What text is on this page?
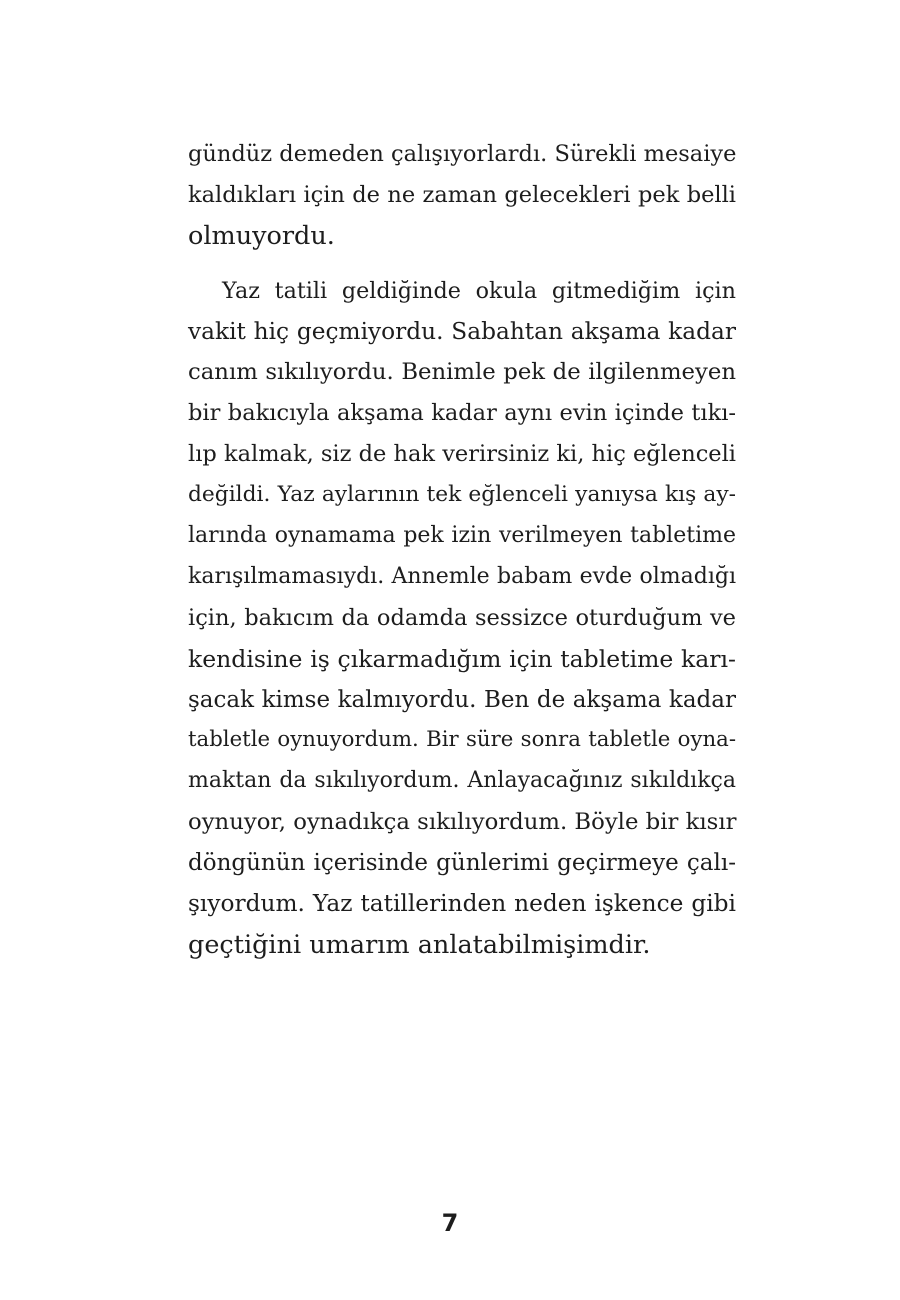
gündüz demeden çalışıyorlardı. Sürekli mesaiye
kaldıkları için de ne zaman gelecekleri pek belli
olmuyordu.
Yaz tatili geldiğinde okula gitmediğim için
vakit hiç geçmiyordu. Sabahtan akşama kadar
canım sıkılıyordu. Benimle pek de ilgilenmeyen
bir bakıcıyla akşama kadar aynı evin içinde tıkı-
lıp kalmak, siz de hak verirsiniz ki, hiç eğlenceli
değildi. Yaz aylarının tek eğlenceli yanıysa kış ay-
larında oynamama pek izin verilmeyen tabletime
karışılmamasıydı. Annemle babam evde olmadığı
için, bakıcım da odamda sessizce oturduğum ve
kendisine iş çıkarmadığım için tabletime karı-
şacak kimse kalmıyordu. Ben de akşama kadar
tabletle oynuyordum. Bir süre sonra tabletle oyna-
maktan da sıkılıyordum. Anlayacağınız sıkıldıkça
oynuyor, oynadıkça sıkılıyordum. Böyle bir kısır
döngünün içerisinde günlerimi geçirmeye çalı-
şıyordum. Yaz tatillerinden neden işkence gibi
geçtiğini umarım anlatabilmişimdir.
7
